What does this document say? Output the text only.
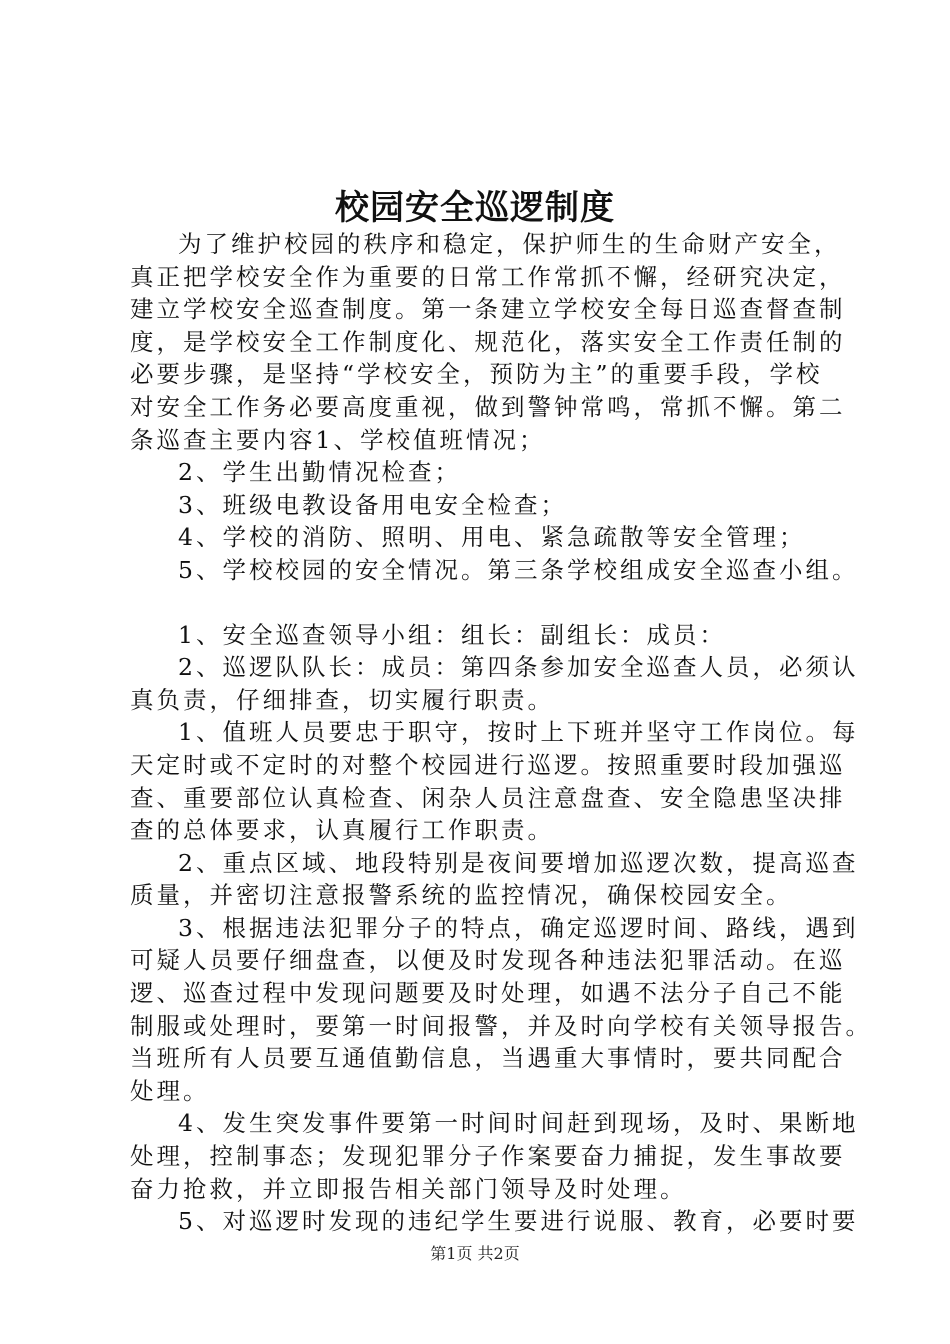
校园安全巡逻制度
为了维护校园的秩序和稳定，保护师生的生命财产安全，
真正把学校安全作为重要的日常工作常抓不懈，经研究决定，
建立学校安全巡查制度。第一条建立学校安全每日巡查督查制
度，是学校安全工作制度化、规范化，落实安全工作责任制的
必要步骤，是坚持“学校安全，预防为主”的重要手段，学校
对安全工作务必要高度重视，做到警钟常鸣，常抓不懈。第二
条巡查主要内容1、学校值班情况；
2、学生出勤情况检查；
3、班级电教设备用电安全检查；
4、学校的消防、照明、用电、紧急疏散等安全管理；
5、学校校园的安全情况。第三条学校组成安全巡查小组。
1、安全巡查领导小组：组长：副组长：成员：
2、巡逻队队长：成员：第四条参加安全巡查人员，必须认
真负责，仔细排查，切实履行职责。
1、值班人员要忠于职守，按时上下班并坚守工作岗位。每
天定时或不定时的对整个校园进行巡逻。按照重要时段加强巡
查、重要部位认真检查、闲杂人员注意盘查、安全隐患坚决排
查的总体要求，认真履行工作职责。
2、重点区域、地段特别是夜间要增加巡逻次数，提高巡查
质量，并密切注意报警系统的监控情况，确保校园安全。
3、根据违法犯罪分子的特点，确定巡逻时间、路线，遇到
可疑人员要仔细盘查，以便及时发现各种违法犯罪活动。在巡
逻、巡查过程中发现问题要及时处理，如遇不法分子自己不能
制服或处理时，要第一时间报警，并及时向学校有关领导报告。
当班所有人员要互通值勤信息，当遇重大事情时，要共同配合
处理。
4、发生突发事件要第一时间时间赶到现场，及时、果断地
处理，控制事态；发现犯罪分子作案要奋力捕捉，发生事故要
奋力抢救，并立即报告相关部门领导及时处理。
5、对巡逻时发现的违纪学生要进行说服、教育，必要时要
第1页 共2页
